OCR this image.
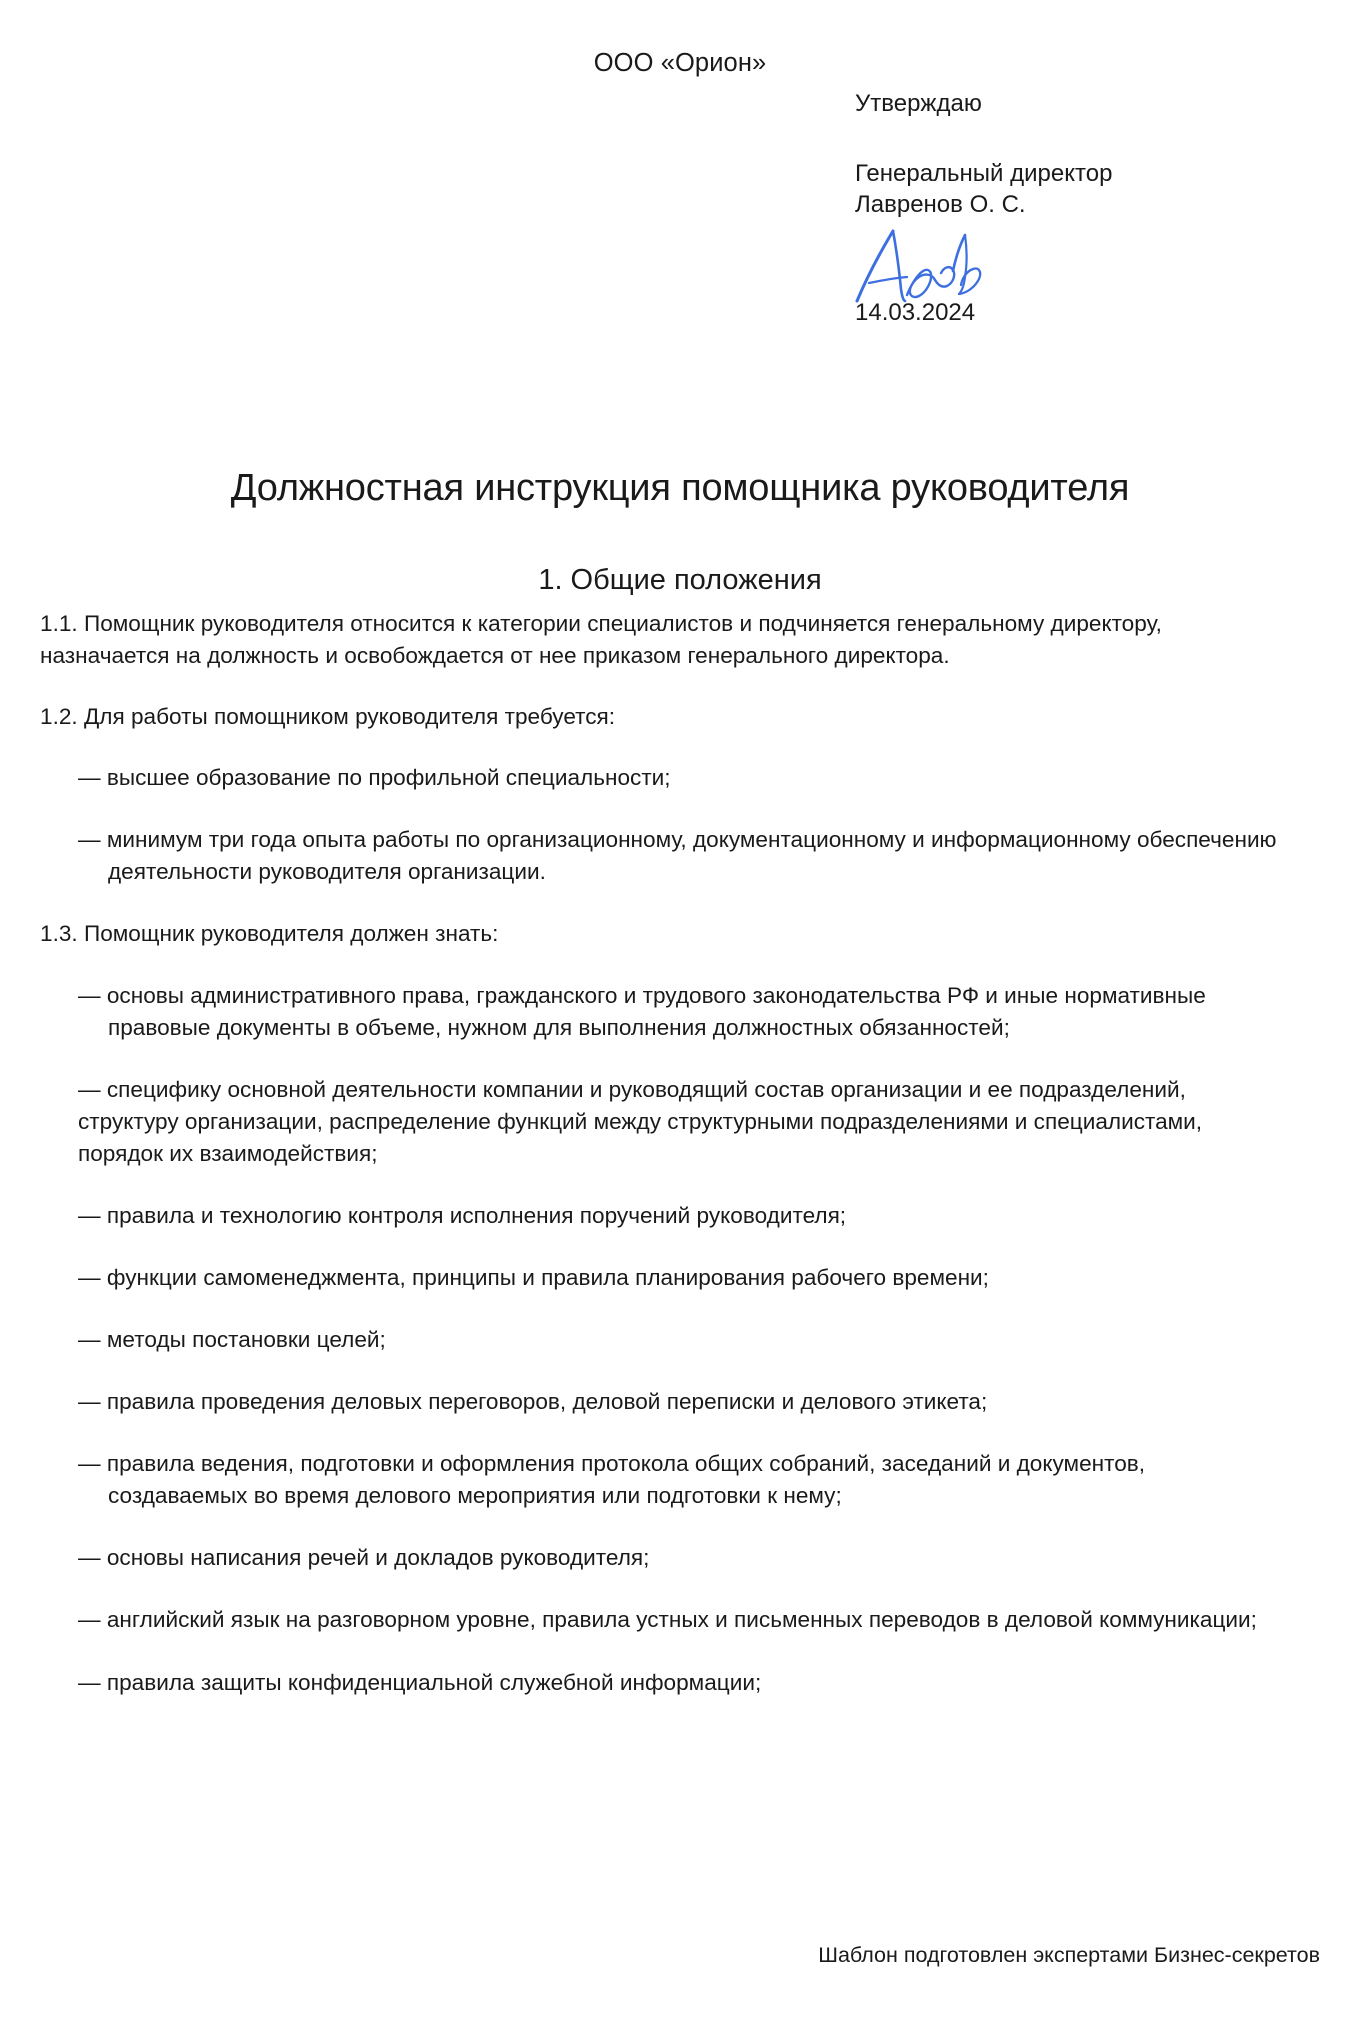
ООО «Орион»
Утверждаю
Генеральный директор
Лавренов О. С.
14.03.2024
Должностная инструкция помощника руководителя
1. Общие положения

1.1. Помощник руководителя относится к категории специалистов и подчиняется генеральному директору, назначается на должность и освобождается от нее приказом генерального директора.

1.2. Для работы помощником руководителя требуется:

— высшее образование по профильной специальности;

— минимум три года опыта работы по организационному, документационному и информационному обеспечению деятельности руководителя организации.

1.3. Помощник руководителя должен знать:

— основы административного права, гражданского и трудового законодательства РФ и иные нормативные правовые документы в объеме, нужном для выполнения должностных обязанностей;

— специфику основной деятельности компании и руководящий состав организации и ее подразделений, структуру организации, распределение функций между структурными подразделениями и специалистами, порядок их взаимодействия;

— правила и технологию контроля исполнения поручений руководителя;

— функции самоменеджмента, принципы и правила планирования рабочего времени;

— методы постановки целей;

— правила проведения деловых переговоров, деловой переписки и делового этикета;

— правила ведения, подготовки и оформления протокола общих собраний, заседаний и документов, создаваемых во время делового мероприятия или подготовки к нему;

— основы написания речей и докладов руководителя;

— английский язык на разговорном уровне, правила устных и письменных переводов в деловой коммуникации;

— правила защиты конфиденциальной служебной информации;

Шаблон подготовлен экспертами Бизнес-секретов
